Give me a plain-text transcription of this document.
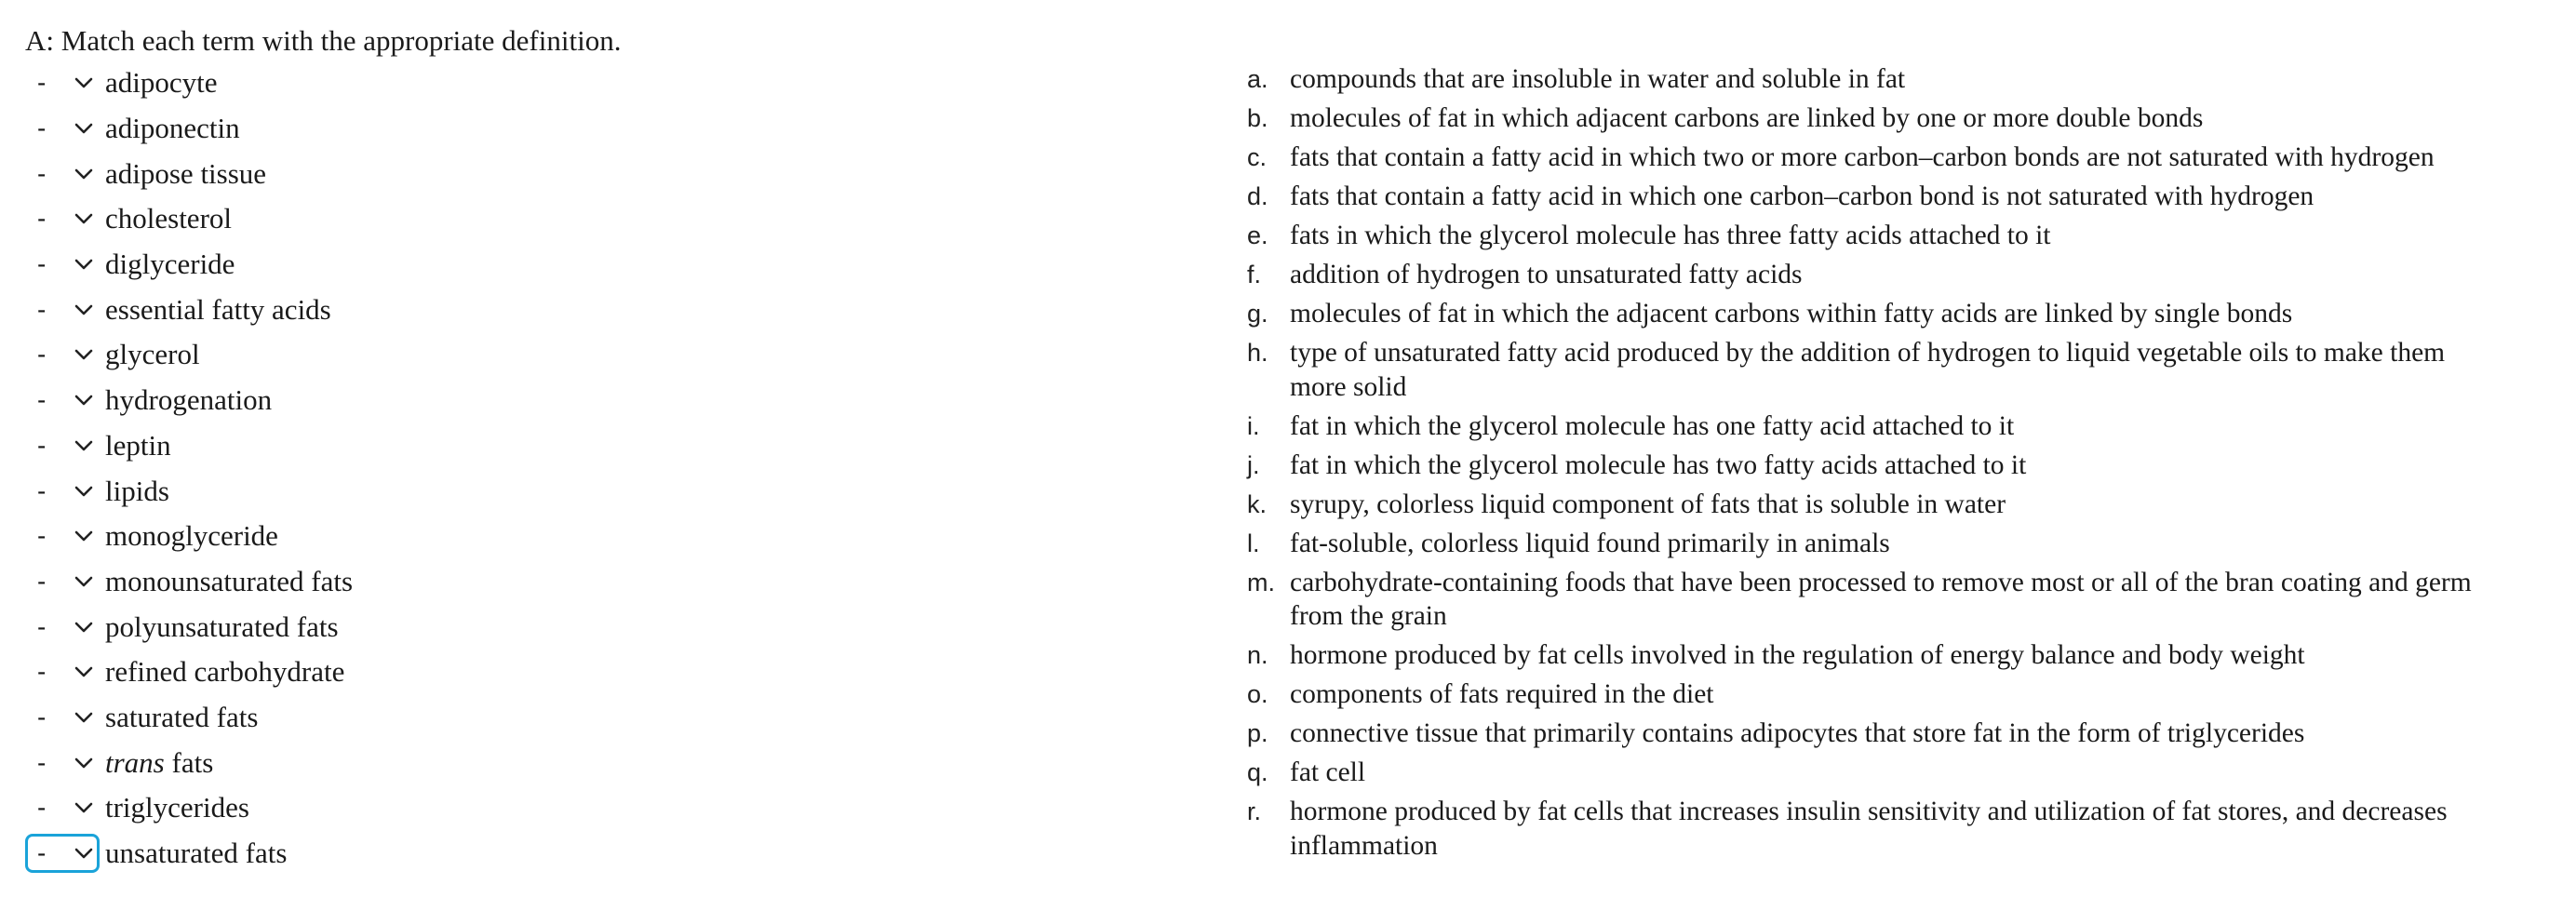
A: Match each term with the appropriate definition.
-	adipocyte
-	adiponectin
-	adipose tissue
-	cholesterol
-	diglyceride
-	essential fatty acids
-	glycerol
-	hydrogenation
-	leptin
-	lipids
-	monoglyceride
-	monounsaturated fats
-	polyunsaturated fats
-	refined carbohydrate
-	saturated fats
-	trans fats
-	triglycerides
-	unsaturated fats
a. compounds that are insoluble in water and soluble in fat
b. molecules of fat in which adjacent carbons are linked by one or more double bonds
c. fats that contain a fatty acid in which two or more carbon–carbon bonds are not saturated with hydrogen
d. fats that contain a fatty acid in which one carbon–carbon bond is not saturated with hydrogen
e. fats in which the glycerol molecule has three fatty acids attached to it
f.	addition of hydrogen to unsaturated fatty acids
g. molecules of fat in which the adjacent carbons within fatty acids are linked by single bonds
h. type of unsaturated fatty acid produced by the addition of hydrogen to liquid vegetable oils to make them more solid
i.	fat in which the glycerol molecule has one fatty acid attached to it
j.	fat in which the glycerol molecule has two fatty acids attached to it
k. syrupy, colorless liquid component of fats that is soluble in water
l.	fat-soluble, colorless liquid found primarily in animals
m. carbohydrate-containing foods that have been processed to remove most or all of the bran coating and germ from the grain
n. hormone produced by fat cells involved in the regulation of energy balance and body weight
o. components of fats required in the diet
p. connective tissue that primarily contains adipocytes that store fat in the form of triglycerides
q. fat cell
r.	hormone produced by fat cells that increases insulin sensitivity and utilization of fat stores, and decreases inflammation
